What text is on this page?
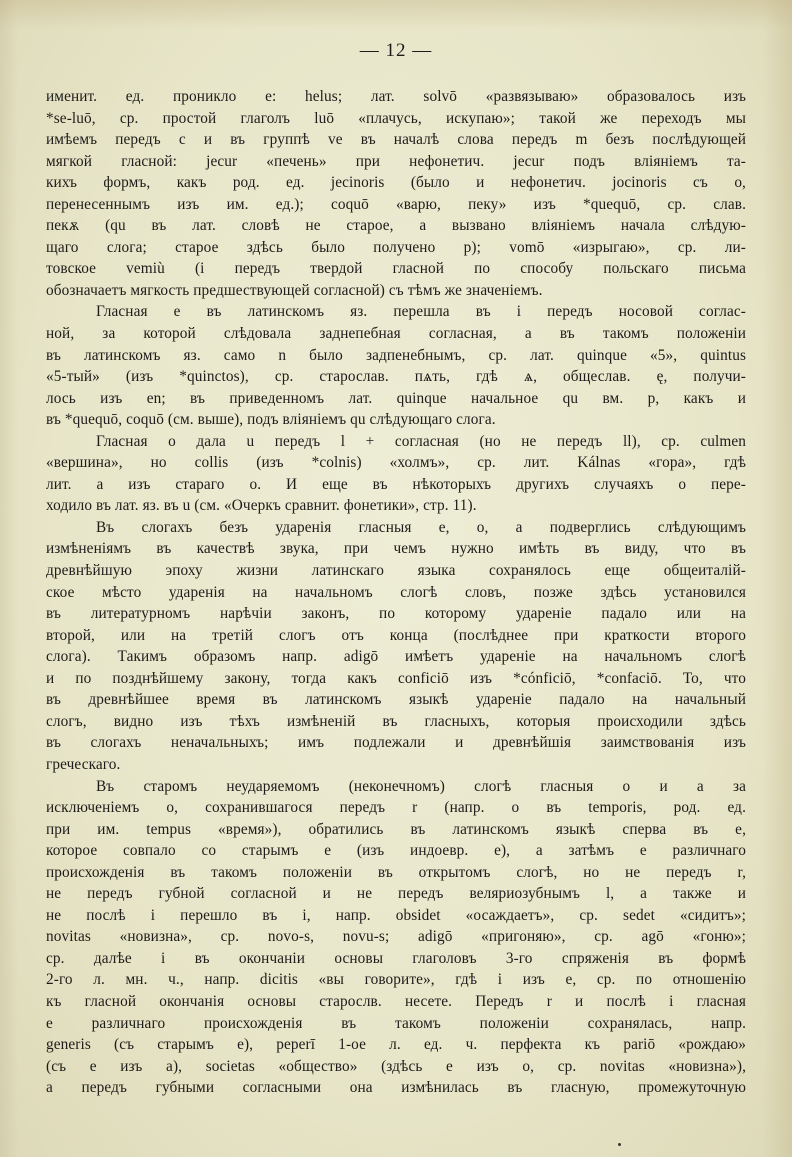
— 12 —
именит. ед. проникло e: helus; лат. solvō «развязываю» образовалось изъ
*se-luō, ср. простой глаголъ luō «плачусь, искупаю»; такой же переходъ мы
имѣемъ передъ c и въ группѣ ve въ началѣ слова передъ m безъ послѣдующей
мягкой гласной: jecur «печень» при нефонетич. jecur подъ вліяніемъ та-
кихъ формъ, какъ род. ед. jecinoris (было и нефонетич. jocinoris съ o,
перенесеннымъ изъ им. ед.); coquō «варю, пеку» изъ *quequō, ср. слав.
пекѫ (qu въ лат. словѣ не старое, а вызвано вліяніемъ начала слѣдую-
щаго слога; старое здѣсь было получено p); vomō «изрыгаю», ср. ли-
товское vemiù (i передъ твердой гласной по способу польскаго письма
обозначаетъ мягкость предшествующей согласной) съ тѣмъ же значеніемъ.
Гласная e въ латинскомъ яз. перешла въ i передъ носовой соглас-
ной, за которой слѣдовала заднепебная согласная, а въ такомъ положеніи
въ латинскомъ яз. само n было задпенебнымъ, ср. лат. quinque «5», quintus
«5-тый» (изъ *quinctos), ср. старослав. пѧть, гдѣ ѧ, общеслав. ę, получи-
лось изъ en; въ приведенномъ лат. quinque начальное qu вм. p, какъ и
въ *quequō, coquō (см. выше), подъ вліяніемъ qu слѣдующаго слога.
Гласная o дала u передъ l + согласная (но не передъ ll), ср. culmen
«вершина», но collis (изъ *colnis) «холмъ», ср. лит. Kálnas «гора», гдѣ
лит. a изъ стараго o. И еще въ нѣкоторыхъ другихъ случаяхъ o пере-
ходило въ лат. яз. въ u (см. «Очеркъ сравнит. фонетики», стр. 11).
Въ слогахъ безъ ударенія гласныя e, o, a подверглись слѣдующимъ
измѣненіямъ въ качествѣ звука, при чемъ нужно имѣть въ виду, что въ
древнѣйшую эпоху жизни латинскаго языка сохранялось еще общеиталій-
ское мѣсто ударенія на начальномъ слогѣ словъ, позже здѣсь установился
въ литературномъ нарѣчіи законъ, по которому удареніе падало или на
второй, или на третій слогъ отъ конца (послѣднее при краткости второго
слога). Такимъ образомъ напр. adigō имѣетъ удареніе на начальномъ слогѣ
и по позднѣйшему закону, тогда какъ conficiō изъ *cónficiō, *confaciō. То, что
въ древнѣйшее время въ латинскомъ языкѣ удареніе падало на начальный
слогъ, видно изъ тѣхъ измѣненій въ гласныхъ, которыя происходили здѣсь
въ слогахъ неначальныхъ; имъ подлежали и древнѣйшія заимствованія изъ
греческаго.
Въ старомъ неударяемомъ (неконечномъ) слогѣ гласныя o и a за
исключеніемъ o, сохранившагося передъ r (напр. o въ temporis, род. ед.
при им. tempus «время»), обратились въ латинскомъ языкѣ сперва въ e,
которое совпало со старымъ e (изъ индоевр. e), а затѣмъ e различнаго
происхожденія въ такомъ положеніи въ открытомъ слогѣ, но не передъ r,
не передъ губной согласной и не передъ веляриозубнымъ l, а также и
не послѣ i перешло въ i, напр. obsidet «осаждаетъ», ср. sedet «сидитъ»;
novitas «новизна», ср. novo-s, novu-s; adigō «пригоняю», ср. agō «гоню»;
ср. далѣе i въ окончаніи основы глаголовъ 3-го спряженія въ формѣ
2-го л. мн. ч., напр. dicitis «вы говорите», гдѣ i изъ e, ср. по отношенію
къ гласной окончанія основы старослв. несете. Передъ r и послѣ i гласная
e различнаго происхожденія въ такомъ положеніи сохранялась, напр.
generis (съ старымъ e), peperī 1-ое л. ед. ч. перфекта къ pariō «рождаю»
(съ e изъ a), societas «общество» (здѣсь e изъ o, ср. novitas «новизна»),
а передъ губными согласными она измѣнилась въ гласную, промежуточную
